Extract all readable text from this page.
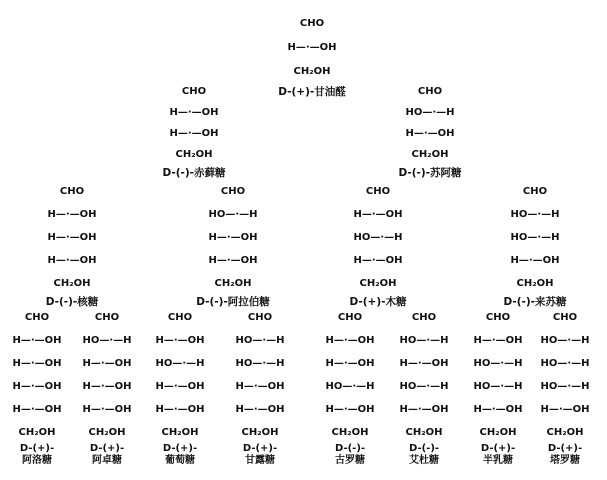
CHO
H—·—OH
CH₂OH
D-(+)-甘油醛
CHO
H—·—OH
H—·—OH
CH₂OH
D-(-)-赤藓糖
CHO
HO—·—H
H—·—OH
CH₂OH
D-(-)-苏阿糖
CHO
H—·—OH
H—·—OH
H—·—OH
CH₂OH
D-(-)-核糖
CHO
HO—·—H
H—·—OH
H—·—OH
CH₂OH
D-(-)-阿拉伯糖
CHO
H—·—OH
HO—·—H
H—·—OH
CH₂OH
D-(+)-木糖
CHO
HO—·—H
HO—·—H
H—·—OH
CH₂OH
D-(-)-来苏糖
CHO
H—·—OH
H—·—OH
H—·—OH
H—·—OH
CH₂OH
D-(+)-
阿洛糖
CHO
HO—·—H
H—·—OH
H—·—OH
H—·—OH
CH₂OH
D-(+)-
阿卓糖
CHO
H—·—OH
HO—·—H
H—·—OH
H—·—OH
CH₂OH
D-(+)-
葡萄糖
CHO
HO—·—H
HO—·—H
H—·—OH
H—·—OH
CH₂OH
D-(+)-
甘露糖
CHO
H—·—OH
H—·—OH
HO—·—H
H—·—OH
CH₂OH
D-(-)-
古罗糖
CHO
HO—·—H
H—·—OH
HO—·—H
H—·—OH
CH₂OH
D-(-)-
艾杜糖
CHO
H—·—OH
HO—·—H
HO—·—H
H—·—OH
CH₂OH
D-(+)-
半乳糖
CHO
HO—·—H
HO—·—H
HO—·—H
H—·—OH
CH₂OH
D-(+)-
塔罗糖
